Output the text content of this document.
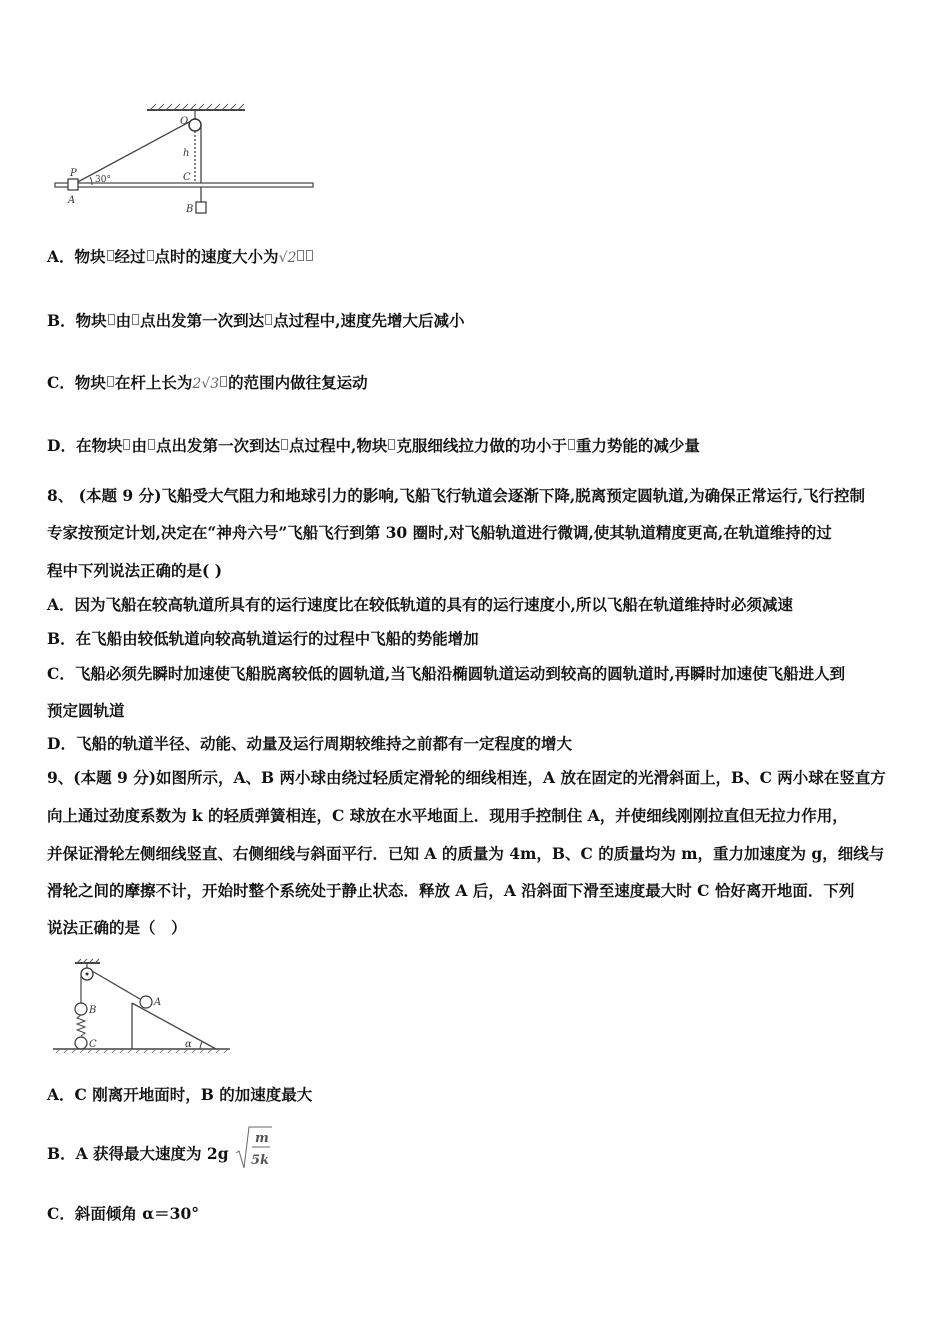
O
h
P
30°	C
A
B
A．物块 经过 点时的速度大小为√2
B．物块 由 点出发第一次到达 点过程中,速度先增大后减小
C．物块 在杆上长为2√3 的范围内做往复运动
D．在物块 由 点出发第一次到达 点过程中,物块 克服细线拉力做的功小于 重力势能的减少量
8、 (本题 9 分)飞船受大气阻力和地球引力的影响,飞船飞行轨道会逐渐下降,脱离预定圆轨道,为确保正常运行,飞行控制
专家按预定计划,决定在“神舟六号”飞船飞行到第 30 圈时,对飞船轨道进行微调,使其轨道精度更高,在轨道维持的过
程中下列说法正确的是( )
A．因为飞船在较高轨道所具有的运行速度比在较低轨道的具有的运行速度小,所以飞船在轨道维持时必须减速
B．在飞船由较低轨道向较高轨道运行的过程中飞船的势能增加
C．飞船必须先瞬时加速使飞船脱离较低的圆轨道,当飞船沿椭圆轨道运动到较高的圆轨道时,再瞬时加速使飞船进人到
预定圆轨道
D．飞船的轨道半径、动能、动量及运行周期较维持之前都有一定程度的增大
9、(本题 9 分)如图所示，A、B 两小球由绕过轻质定滑轮的细线相连，A 放在固定的光滑斜面上，B、C 两小球在竖直方
向上通过劲度系数为 k 的轻质弹簧相连，C 球放在水平地面上．现用手控制住 A，并使细线刚刚拉直但无拉力作用，
并保证滑轮左侧细线竖直、右侧细线与斜面平行．已知 A 的质量为 4m，B、C 的质量均为 m，重力加速度为 g，细线与
滑轮之间的摩擦不计，开始时整个系统处于静止状态．释放 A 后，A 沿斜面下滑至速度最大时 C 恰好离开地面．下列
说法正确的是（　）
A
B
C	α
A．C 刚离开地面时，B 的加速度最大
B．A 获得最大速度为 2g
m
5k
C．斜面倾角 α＝30°
